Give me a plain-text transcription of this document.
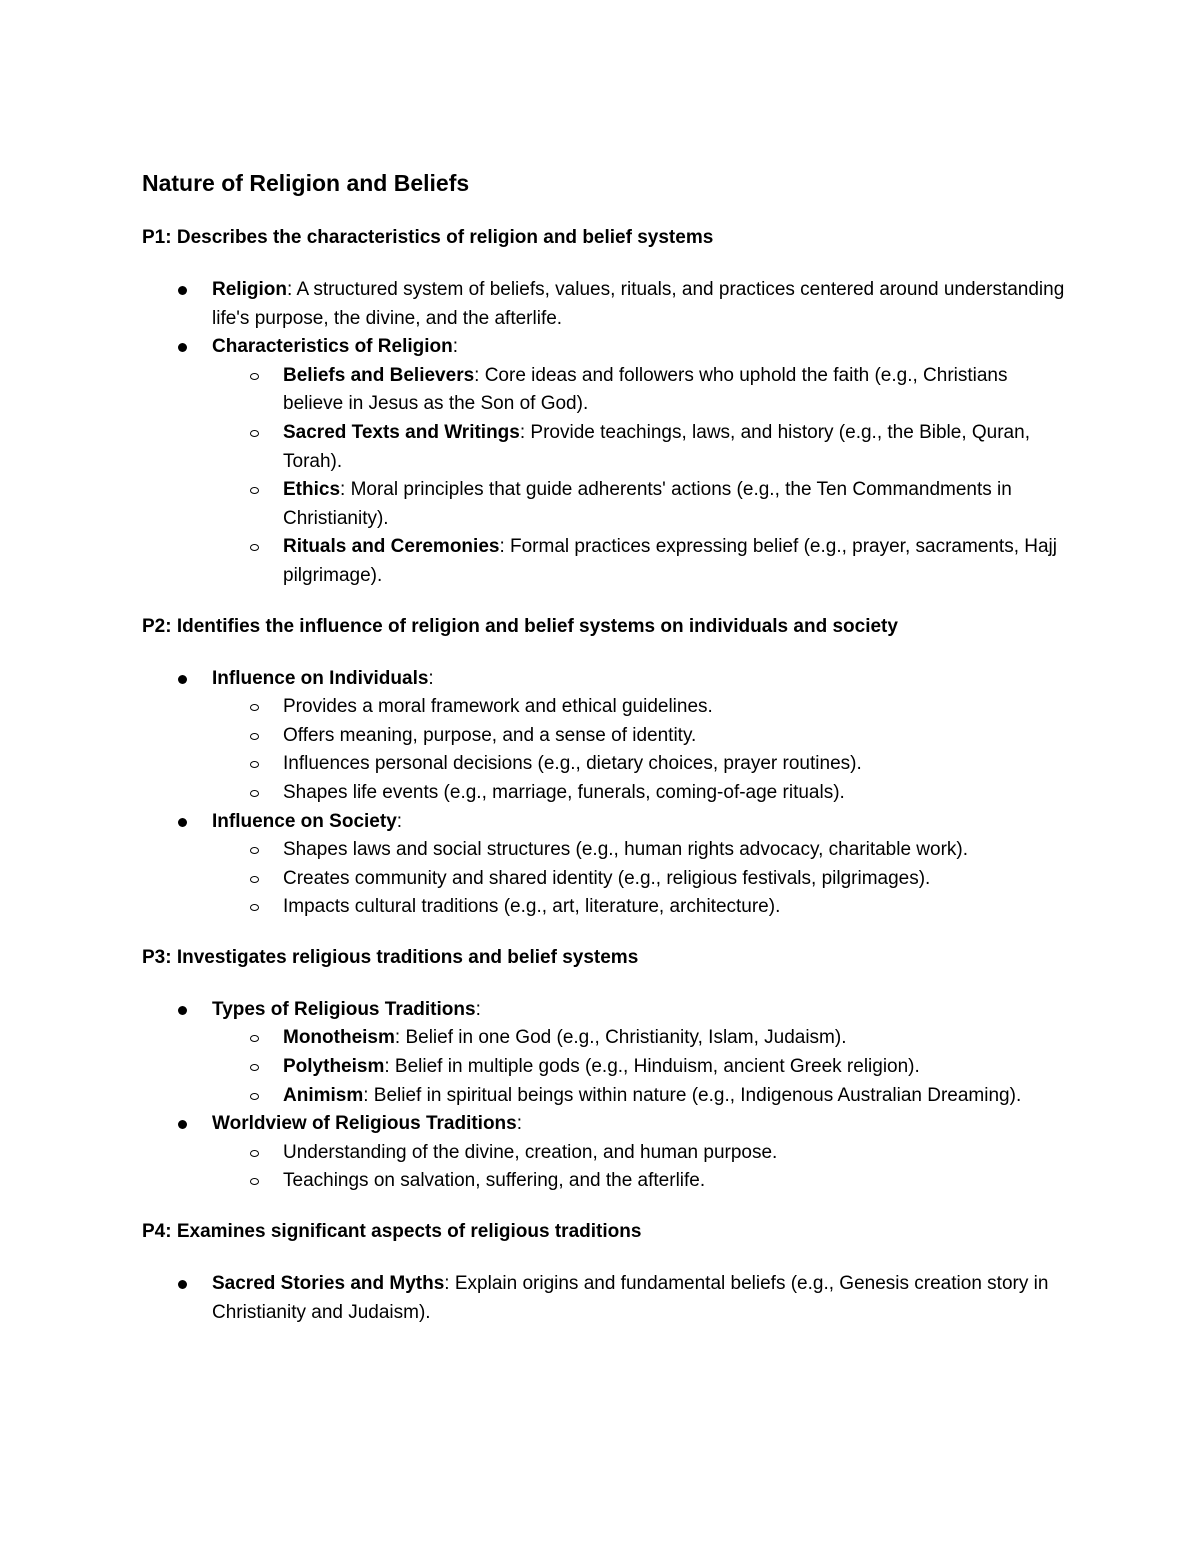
Nature of Religion and Beliefs
P1: Describes the characteristics of religion and belief systems
Religion: A structured system of beliefs, values, rituals, and practices centered around understanding life's purpose, the divine, and the afterlife.
Characteristics of Religion:
Beliefs and Believers: Core ideas and followers who uphold the faith (e.g., Christians believe in Jesus as the Son of God).
Sacred Texts and Writings: Provide teachings, laws, and history (e.g., the Bible, Quran, Torah).
Ethics: Moral principles that guide adherents' actions (e.g., the Ten Commandments in Christianity).
Rituals and Ceremonies: Formal practices expressing belief (e.g., prayer, sacraments, Hajj pilgrimage).
P2: Identifies the influence of religion and belief systems on individuals and society
Influence on Individuals:
Provides a moral framework and ethical guidelines.
Offers meaning, purpose, and a sense of identity.
Influences personal decisions (e.g., dietary choices, prayer routines).
Shapes life events (e.g., marriage, funerals, coming-of-age rituals).
Influence on Society:
Shapes laws and social structures (e.g., human rights advocacy, charitable work).
Creates community and shared identity (e.g., religious festivals, pilgrimages).
Impacts cultural traditions (e.g., art, literature, architecture).
P3: Investigates religious traditions and belief systems
Types of Religious Traditions:
Monotheism: Belief in one God (e.g., Christianity, Islam, Judaism).
Polytheism: Belief in multiple gods (e.g., Hinduism, ancient Greek religion).
Animism: Belief in spiritual beings within nature (e.g., Indigenous Australian Dreaming).
Worldview of Religious Traditions:
Understanding of the divine, creation, and human purpose.
Teachings on salvation, suffering, and the afterlife.
P4: Examines significant aspects of religious traditions
Sacred Stories and Myths: Explain origins and fundamental beliefs (e.g., Genesis creation story in Christianity and Judaism).
